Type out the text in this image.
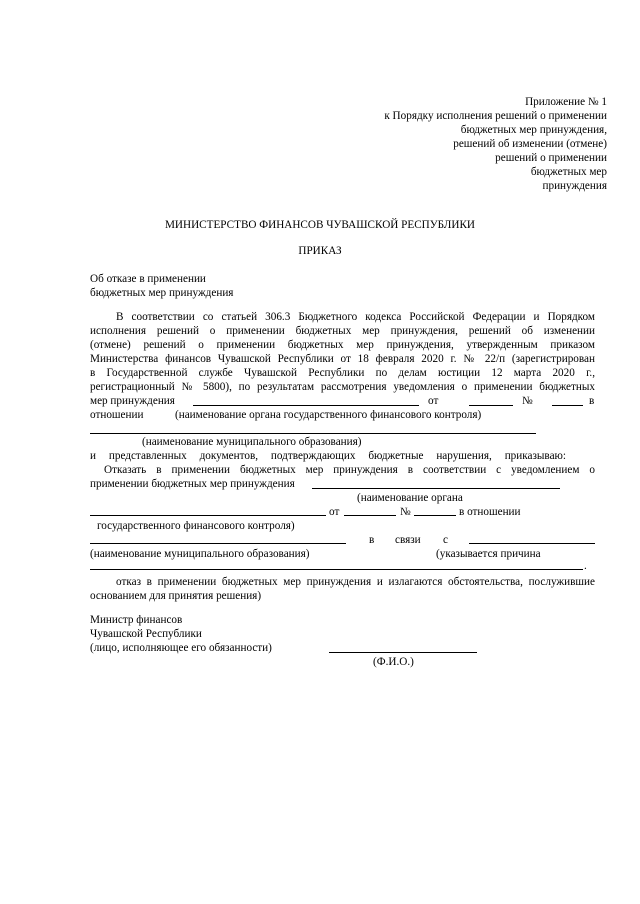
Приложение № 1
к Порядку исполнения решений о применении
бюджетных мер принуждения,
решений об изменении (отмене)
решений о применении
бюджетных мер
принуждения
МИНИСТЕРСТВО ФИНАНСОВ ЧУВАШСКОЙ РЕСПУБЛИКИ
ПРИКАЗ
Об отказе в применении
бюджетных мер принуждения
В соответствии со статьей 306.3 Бюджетного кодекса Российской Федерации и Порядком
исполнения решений о применении бюджетных мер принуждения, решений об изменении
(отмене) решений о применении бюджетных мер принуждения, утвержденным приказом
Министерства финансов Чувашской Республики от 18 февраля 2020 г. № 22/п (зарегистрирован
в Государственной службе Чувашской Республики по делам юстиции 12 марта 2020 г.,
регистрационный № 5800), по результатам рассмотрения уведомления о применении бюджетных
мер принуждения	от	№	в
отношении	(наименование органа государственного финансового контроля)
(наименование муниципального образования)
и представленных документов, подтверждающих бюджетные нарушения, приказываю:
Отказать в применении бюджетных мер принуждения в соответствии с уведомлением о
применении бюджетных мер принуждения
(наименование органа
от	№	в отношении
государственного финансового контроля)
в связи с
(наименование муниципального образования)	(указывается причина
.
отказ в применении бюджетных мер принуждения и излагаются обстоятельства, послужившие
основанием для принятия решения)
Министр финансов
Чувашской Республики
(лицо, исполняющее его обязанности)
(Ф.И.О.)
